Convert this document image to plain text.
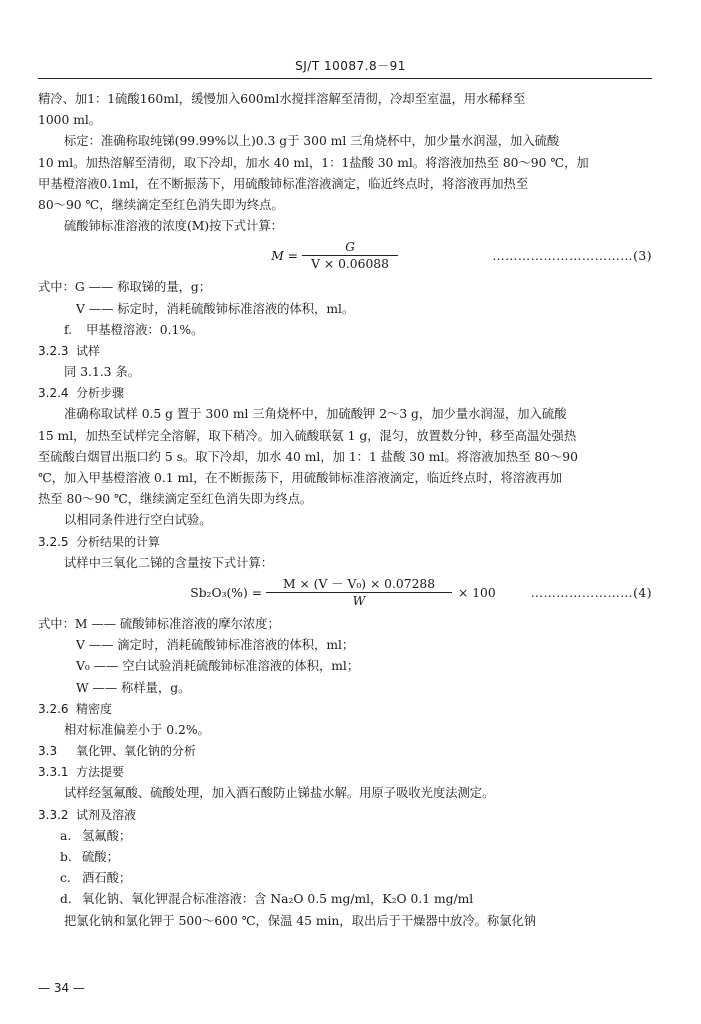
SJ/T 10087.8－91
精冷、加1：1硫酸160ml，缓慢加入600ml水搅拌溶解至清彻，冷却至室温，用水稀释至
1000 ml。
标定：准确称取纯锑(99.99%以上)0.3 g于 300 ml 三角烧杯中，加少量水润湿，加入硫酸
10 ml。加热溶解至清彻，取下冷却，加水 40 ml，1：1盐酸 30 ml。将溶液加热至 80～90 ℃，加
甲基橙溶液0.1ml，在不断振荡下，用硫酸铈标准溶液滴定，临近终点时，将溶液再加热至
80～90 ℃，继续滴定至红色消失即为终点。
硫酸铈标准溶液的浓度(M)按下式计算：
$M = \frac{G}{V \times 0.06088}$	……………………………(3)
式中：G —— 称取锑的量，g；
V —— 标定时，消耗硫酸铈标准溶液的体积，ml。
f. 甲基橙溶液：0.1%。
3.2.3 试样
同 3.1.3 条。
3.2.4 分析步骤
准确称取试样 0.5 g 置于 300 ml 三角烧杯中，加硫酸钾 2～3 g，加少量水润湿，加入硫酸
15 ml，加热至试样完全溶解，取下稍冷。加入硫酸联氨 1 g，混匀，放置数分钟，移至高温处强热
至硫酸白烟冒出瓶口约 5 s。取下冷却，加水 40 ml，加 1：1 盐酸 30 ml。将溶液加热至 80～90
℃，加入甲基橙溶液 0.1 ml，在不断振荡下，用硫酸铈标准溶液滴定，临近终点时，将溶液再加
热至 80～90 ℃，继续滴定至红色消失即为终点。
以相同条件进行空白试验。
3.2.5 分析结果的计算
试样中三氧化二锑的含量按下式计算：
$Sb_2O_3(\%) = \frac{\text{M × (V － V₀) × 0.07288}}{W} \times 100$	……………………(4)
式中：M —— 硫酸铈标准溶液的摩尔浓度；
V —— 滴定时，消耗硫酸铈标准溶液的体积，ml；
V₀ —— 空白试验消耗硫酸铈标准溶液的体积，ml；
W —— 称样量，g。
3.2.6 精密度
相对标准偏差小于 0.2%。
3.3 氧化钾、氧化钠的分析
3.3.1 方法提要
试样经氢氟酸、硫酸处理，加入酒石酸防止锑盐水解。用原子吸收光度法测定。
3.3.2 试剂及溶液
a. 氢氟酸；
b. 硫酸；
c. 酒石酸；
d. 氧化钠、氧化钾混合标准溶液：含 Na₂O 0.5 mg/ml，K₂O 0.1 mg/ml
把氯化钠和氯化钾于 500～600 ℃，保温 45 min，取出后于干燥器中放冷。称氯化钠
— 34 —
